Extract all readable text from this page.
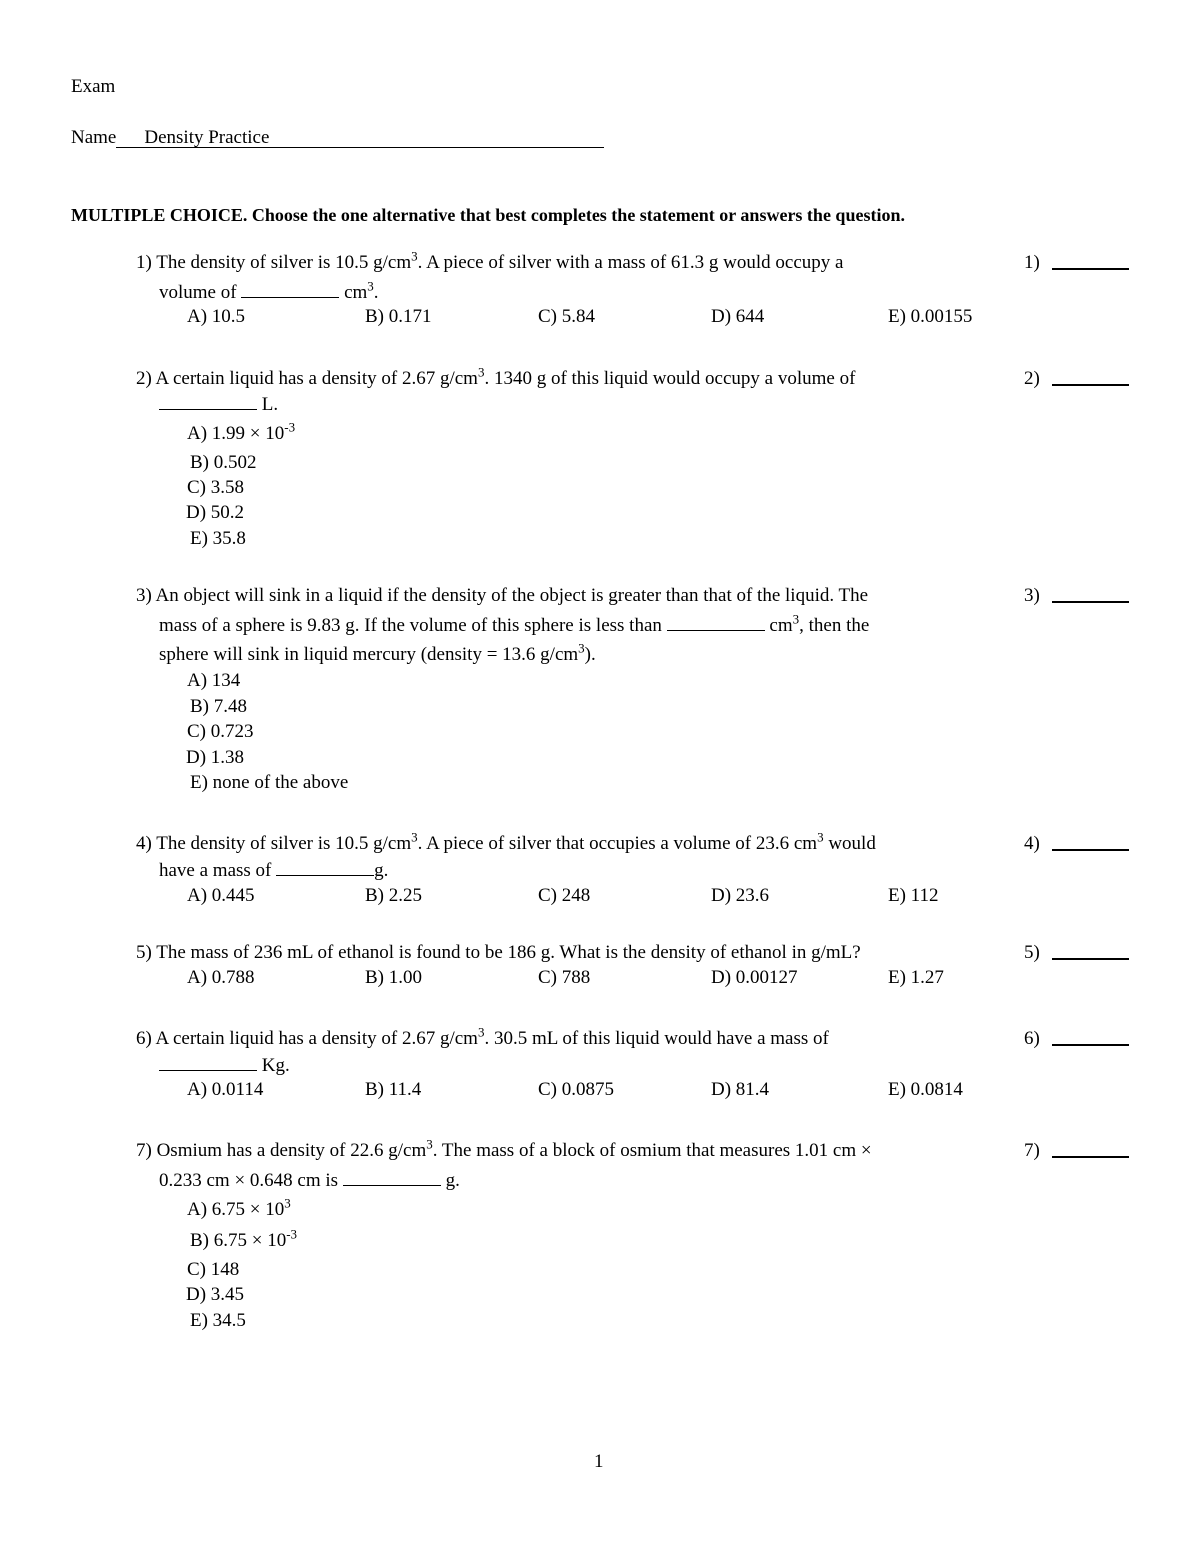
Exam
Name Density Practice
MULTIPLE CHOICE. Choose the one alternative that best completes the statement or answers the question.
1) The density of silver is 10.5 $g/cm^3$. A piece of silver with a mass of 61.3 g would occupy a
volume of	$cm^3$.
A) 10.5	B) 0.171	C) 5.84	D) 644	E) 0.00155
1)
2) A certain liquid has a density of 2.67 $g/cm^3$. 1340 g of this liquid would occupy a volume of
L.
A) $1.99 \times 10^{-3}$
B) 0.502
C) 3.58
D) 50.2
E) 35.8
2)
3) An object will sink in a liquid if the density of the object is greater than that of the liquid. The
mass of a sphere is 9.83 g. If the volume of this sphere is less than	$cm^3$, then the
sphere will sink in liquid mercury (density = 13.6 $g/cm^3$).
A) 134
B) 7.48
C) 0.723
D) 1.38
E) none of the above
3)
4) The density of silver is 10.5 $g/cm^3$. A piece of silver that occupies a volume of 23.6 $cm^3$ would
have a mass of	g.
A) 0.445	B) 2.25	C) 248	D) 23.6	E) 112
4)
5) The mass of 236 mL of ethanol is found to be 186 g. What is the density of ethanol in g/mL?
A) 0.788	B) 1.00	C) 788	D) 0.00127	E) 1.27
5)
6) A certain liquid has a density of 2.67 $g/cm^3$. 30.5 mL of this liquid would have a mass of
Kg.
A) 0.0114	B) 11.4	C) 0.0875	D) 81.4	E) 0.0814
6)
7) Osmium has a density of 22.6 $g/cm^3$. The mass of a block of osmium that measures 1.01 cm ×
0.233 cm × 0.648 cm is	g.
A) $6.75 \times 10^3$
B) $6.75 \times 10^{-3}$
C) 148
D) 3.45
E) 34.5
7)
1
